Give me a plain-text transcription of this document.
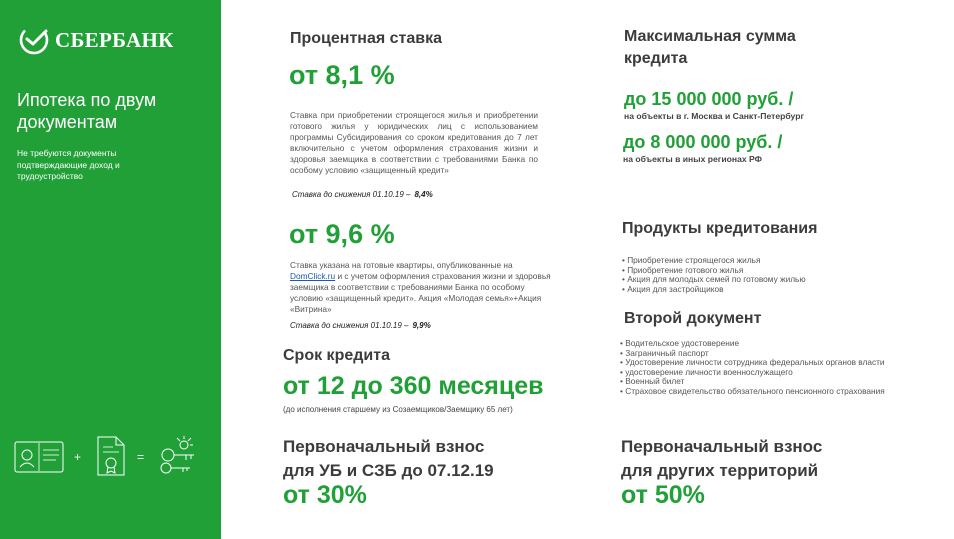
СБЕРБАНК
Ипотека по двум документам
Не требуются документы подтверждающие доход и трудоустройство
+	=
Процентная ставка
от 8,1 %
Ставка при приобретении строящегося жилья и приобретении готового жилья у юридических лиц с использованием программы Субсидирования со сроком кредитования до 7 лет включительно с учетом оформления страхования жизни и здоровья заемщика в соответствии с требованиями Банка по особому условию «защищенный кредит»
Ставка до снижения 01.10.19 – 8,4%
от 9,6 %
Ставка указана на готовые квартиры, опубликованные на DomClick.ru и с учетом оформления страхования жизни и здоровья заемщика в соответствии с требованиями Банка по особому условию «защищенный кредит». Акция «Молодая семья»+Акция «Витрина»
Ставка до снижения 01.10.19 – 9,9%
Срок кредита
от 12 до 360 месяцев
(до исполнения старшему из Созаемщиков/Заемщику 65 лет)
Максимальная сумма кредита
до 15 000 000 руб. /
на объекты в г. Москва и Санкт-Петербург
до 8 000 000 руб. /
на объекты в иных регионах РФ
Продукты кредитования
• Приобретение строящегося жилья
• Приобретение готового жилья
• Акция для молодых семей по готовому жилью
• Акция для застройщиков
Второй документ
• Водительское удостоверение
• Заграничный паспорт
• Удостоверение личности сотрудника федеральных органов власти
• удостоверение личности военнослужащего
• Военный билет
• Страховое свидетельство обязательного пенсионного страхования
Первоначальный взнос
для УБ и СЗБ до 07.12.19
от 30%
Первоначальный взнос
для других территорий
от 50%
